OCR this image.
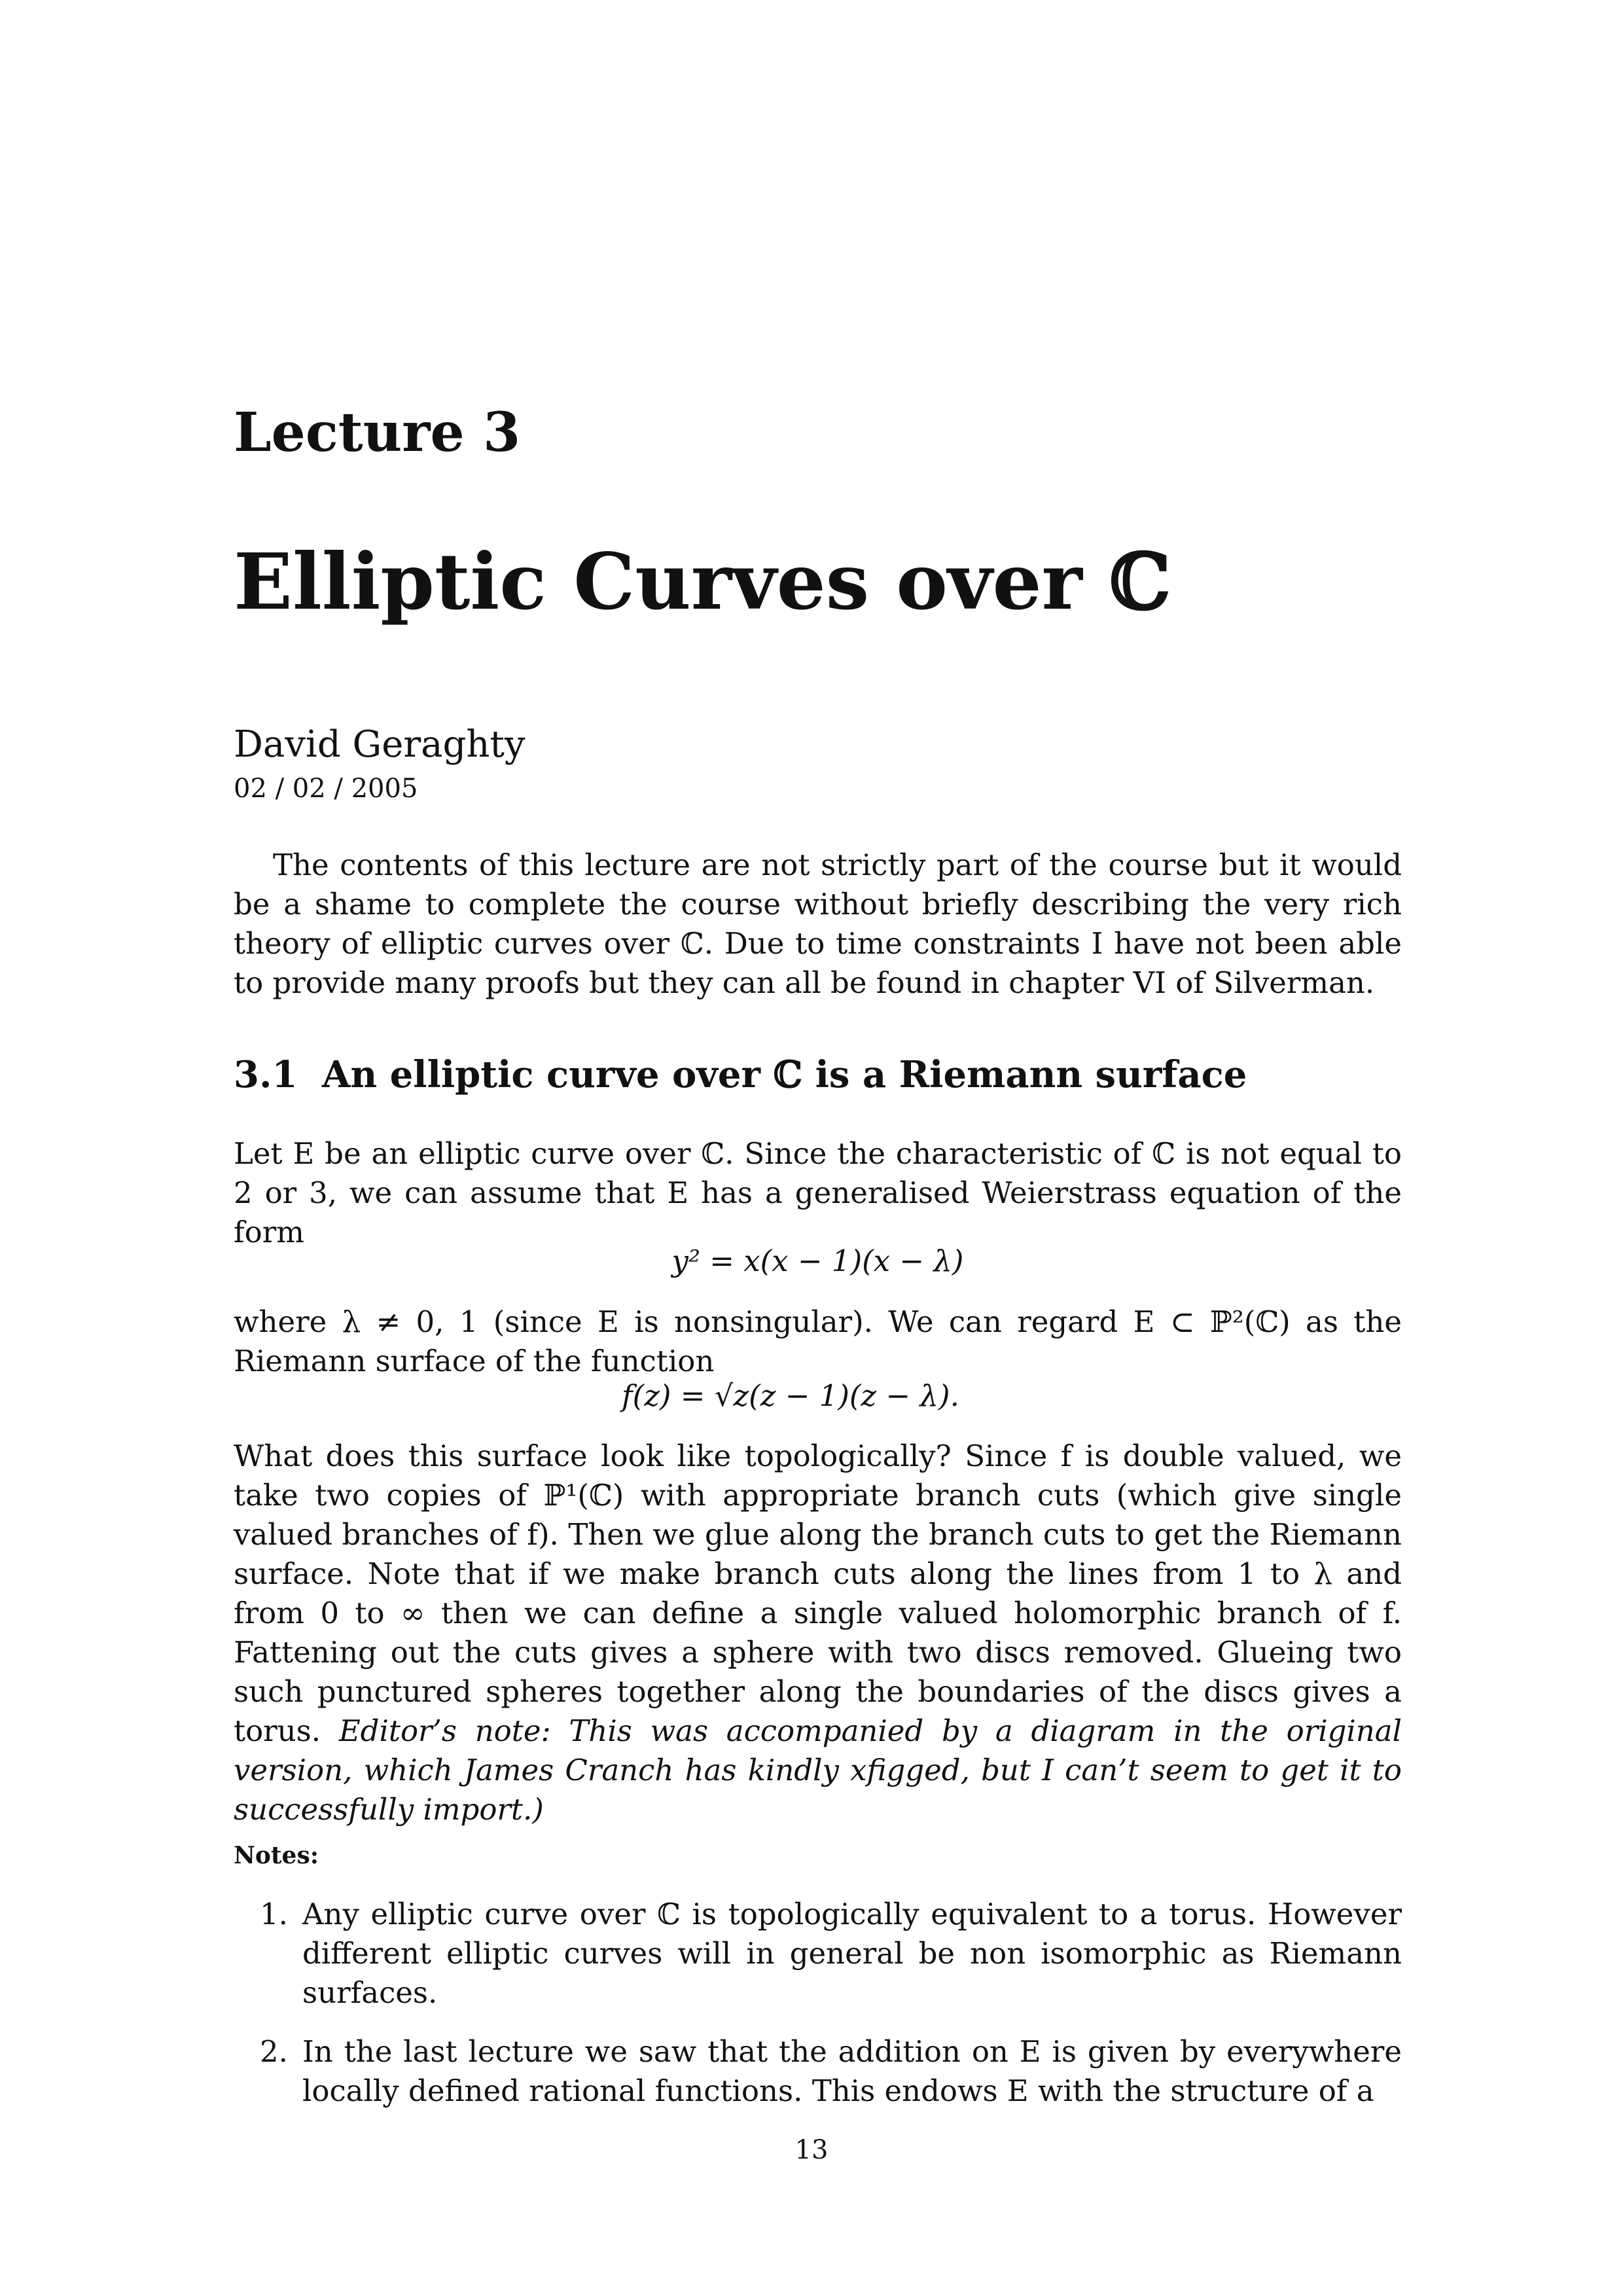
Lecture 3
Elliptic Curves over ℂ
David Geraghty
02 / 02 / 2005

The contents of this lecture are not strictly part of the course but it would be a shame to complete the course without briefly describing the very rich theory of elliptic curves over ℂ. Due to time constraints I have not been able to provide many proofs but they can all be found in chapter VI of Silverman.

3.1 An elliptic curve over ℂ is a Riemann surface

Let E be an elliptic curve over ℂ. Since the characteristic of ℂ is not equal to 2 or 3, we can assume that E has a generalised Weierstrass equation of the form

y² = x(x − 1)(x − λ)

where λ ≠ 0, 1 (since E is nonsingular). We can regard E ⊂ ℙ²(ℂ) as the Riemann surface of the function

f(z) = √z(z − 1)(z − λ).

What does this surface look like topologically? Since f is double valued, we take two copies of ℙ¹(ℂ) with appropriate branch cuts (which give single valued branches of f). Then we glue along the branch cuts to get the Riemann surface. Note that if we make branch cuts along the lines from 1 to λ and from 0 to ∞ then we can define a single valued holomorphic branch of f. Fattening out the cuts gives a sphere with two discs removed. Glueing two such punctured spheres together along the boundaries of the discs gives a torus. Editor’s note: This was accompanied by a diagram in the original version, which James Cranch has kindly xfigged, but I can’t seem to get it to successfully import.)

Notes:
1. Any elliptic curve over ℂ is topologically equivalent to a torus. However different elliptic curves will in general be non isomorphic as Riemann surfaces.
2. In the last lecture we saw that the addition on E is given by everywhere locally defined rational functions. This endows E with the structure of a
13
